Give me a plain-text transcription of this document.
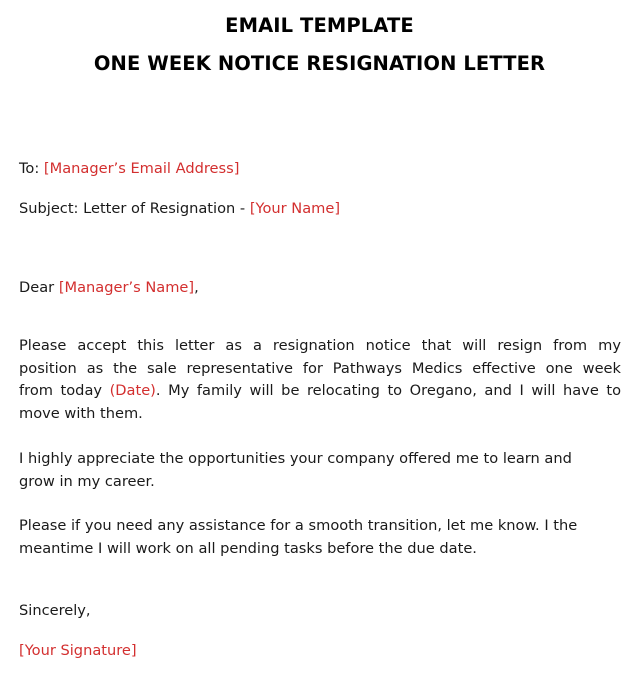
EMAIL TEMPLATE
ONE WEEK NOTICE RESIGNATION LETTER
To: [Manager’s Email Address]
Subject: Letter of Resignation - [Your Name]
Dear [Manager’s Name],
Please accept this letter as a resignation notice that will resign from my
position as the sale representative for Pathways Medics effective one week
from today (Date). My family will be relocating to Oregano, and I will have to
move with them.
I highly appreciate the opportunities your company offered me to learn and
grow in my career.
Please if you need any assistance for a smooth transition, let me know. I the
meantime I will work on all pending tasks before the due date.
Sincerely,
[Your Signature]
